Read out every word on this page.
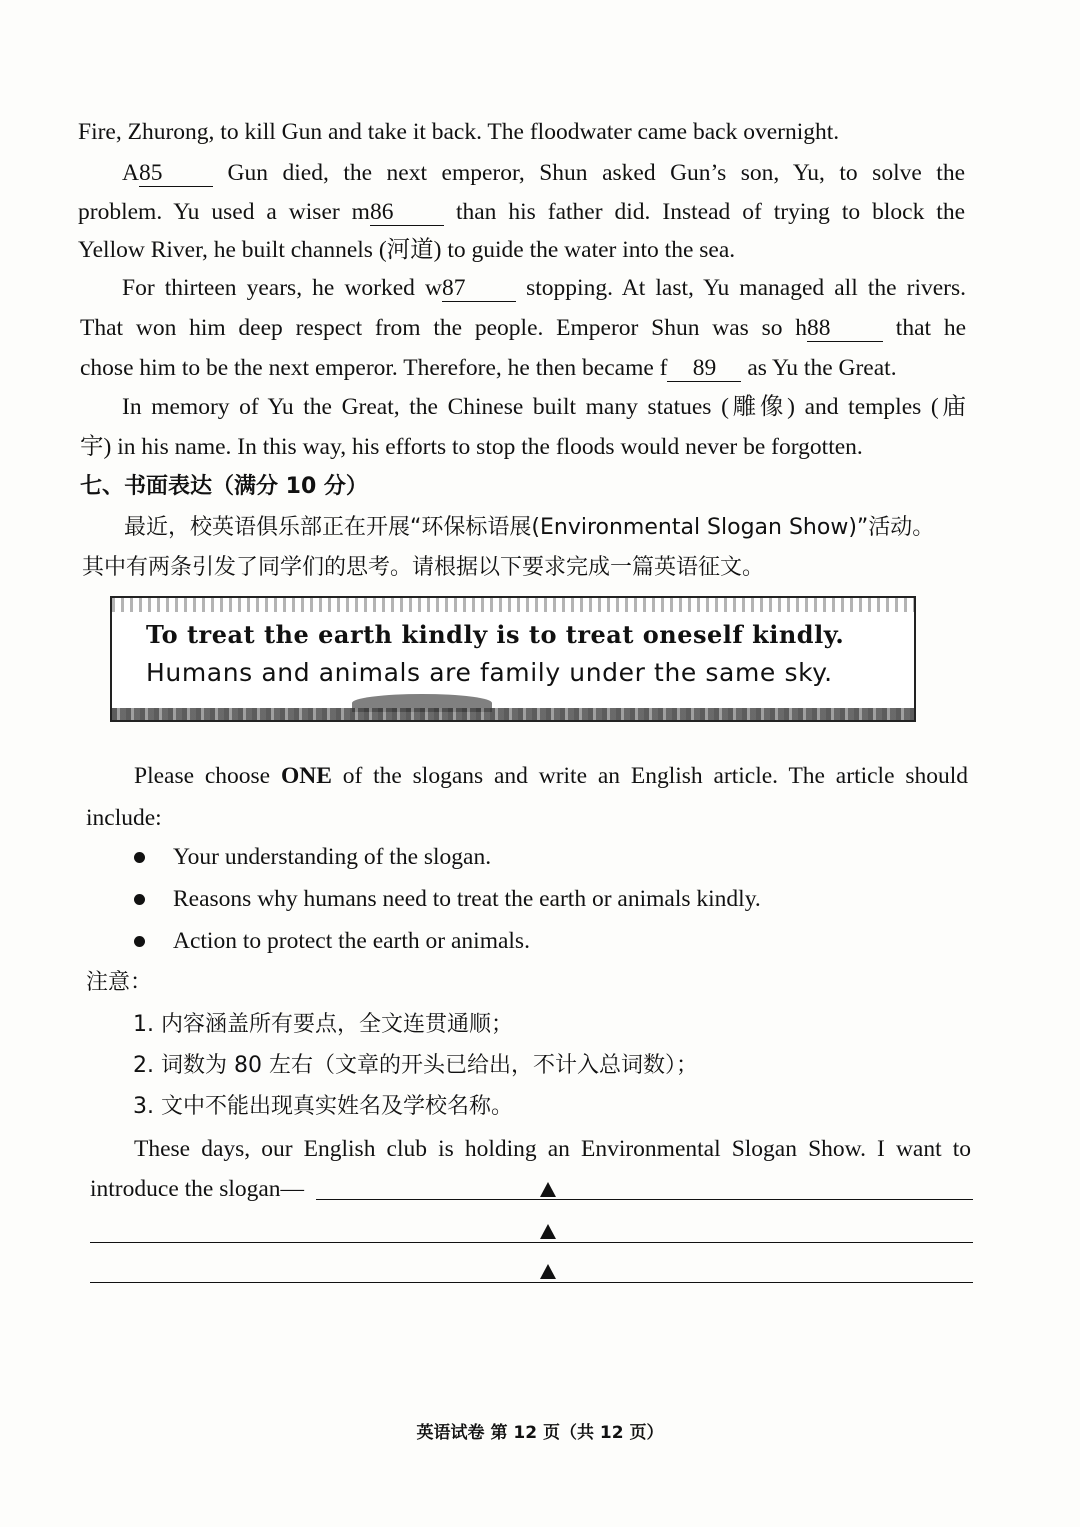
Fire, Zhurong, to kill Gun and take it back. The floodwater came back overnight.
A85	Gun died, the next emperor, Shun asked Gun’s son, Yu, to solve the
problem. Yu used a wiser m86	than his father did. Instead of trying to block the
Yellow River, he built channels (河道) to guide the water into the sea.
For thirteen years, he worked w87	stopping. At last, Yu managed all the rivers.
That won him deep respect from the people. Emperor Shun was so h88	that he
chose him to be the next emperor. Therefore, he then became f 89 as Yu the Great.
In memory of Yu the Great, the Chinese built many statues (雕像) and temples (庙
宇) in his name. In this way, his efforts to stop the floods would never be forgotten.
七、书面表达（满分 10 分）
最近，校英语俱乐部正在开展“环保标语展(Environmental Slogan Show)”活动。
其中有两条引发了同学们的思考。请根据以下要求完成一篇英语征文。
To treat the earth kindly is to treat oneself kindly.
Humans and animals are family under the same sky.
Please choose ONE of the slogans and write an English article. The article should
include:
Your understanding of the slogan.
Reasons why humans need to treat the earth or animals kindly.
Action to protect the earth or animals.
注意：
1. 内容涵盖所有要点，全文连贯通顺；
2. 词数为 80 左右（文章的开头已给出，不计入总词数）；
3. 文中不能出现真实姓名及学校名称。
These days, our English club is holding an Environmental Slogan Show. I want to
introduce the slogan—
英语试卷 第 12 页（共 12 页）
